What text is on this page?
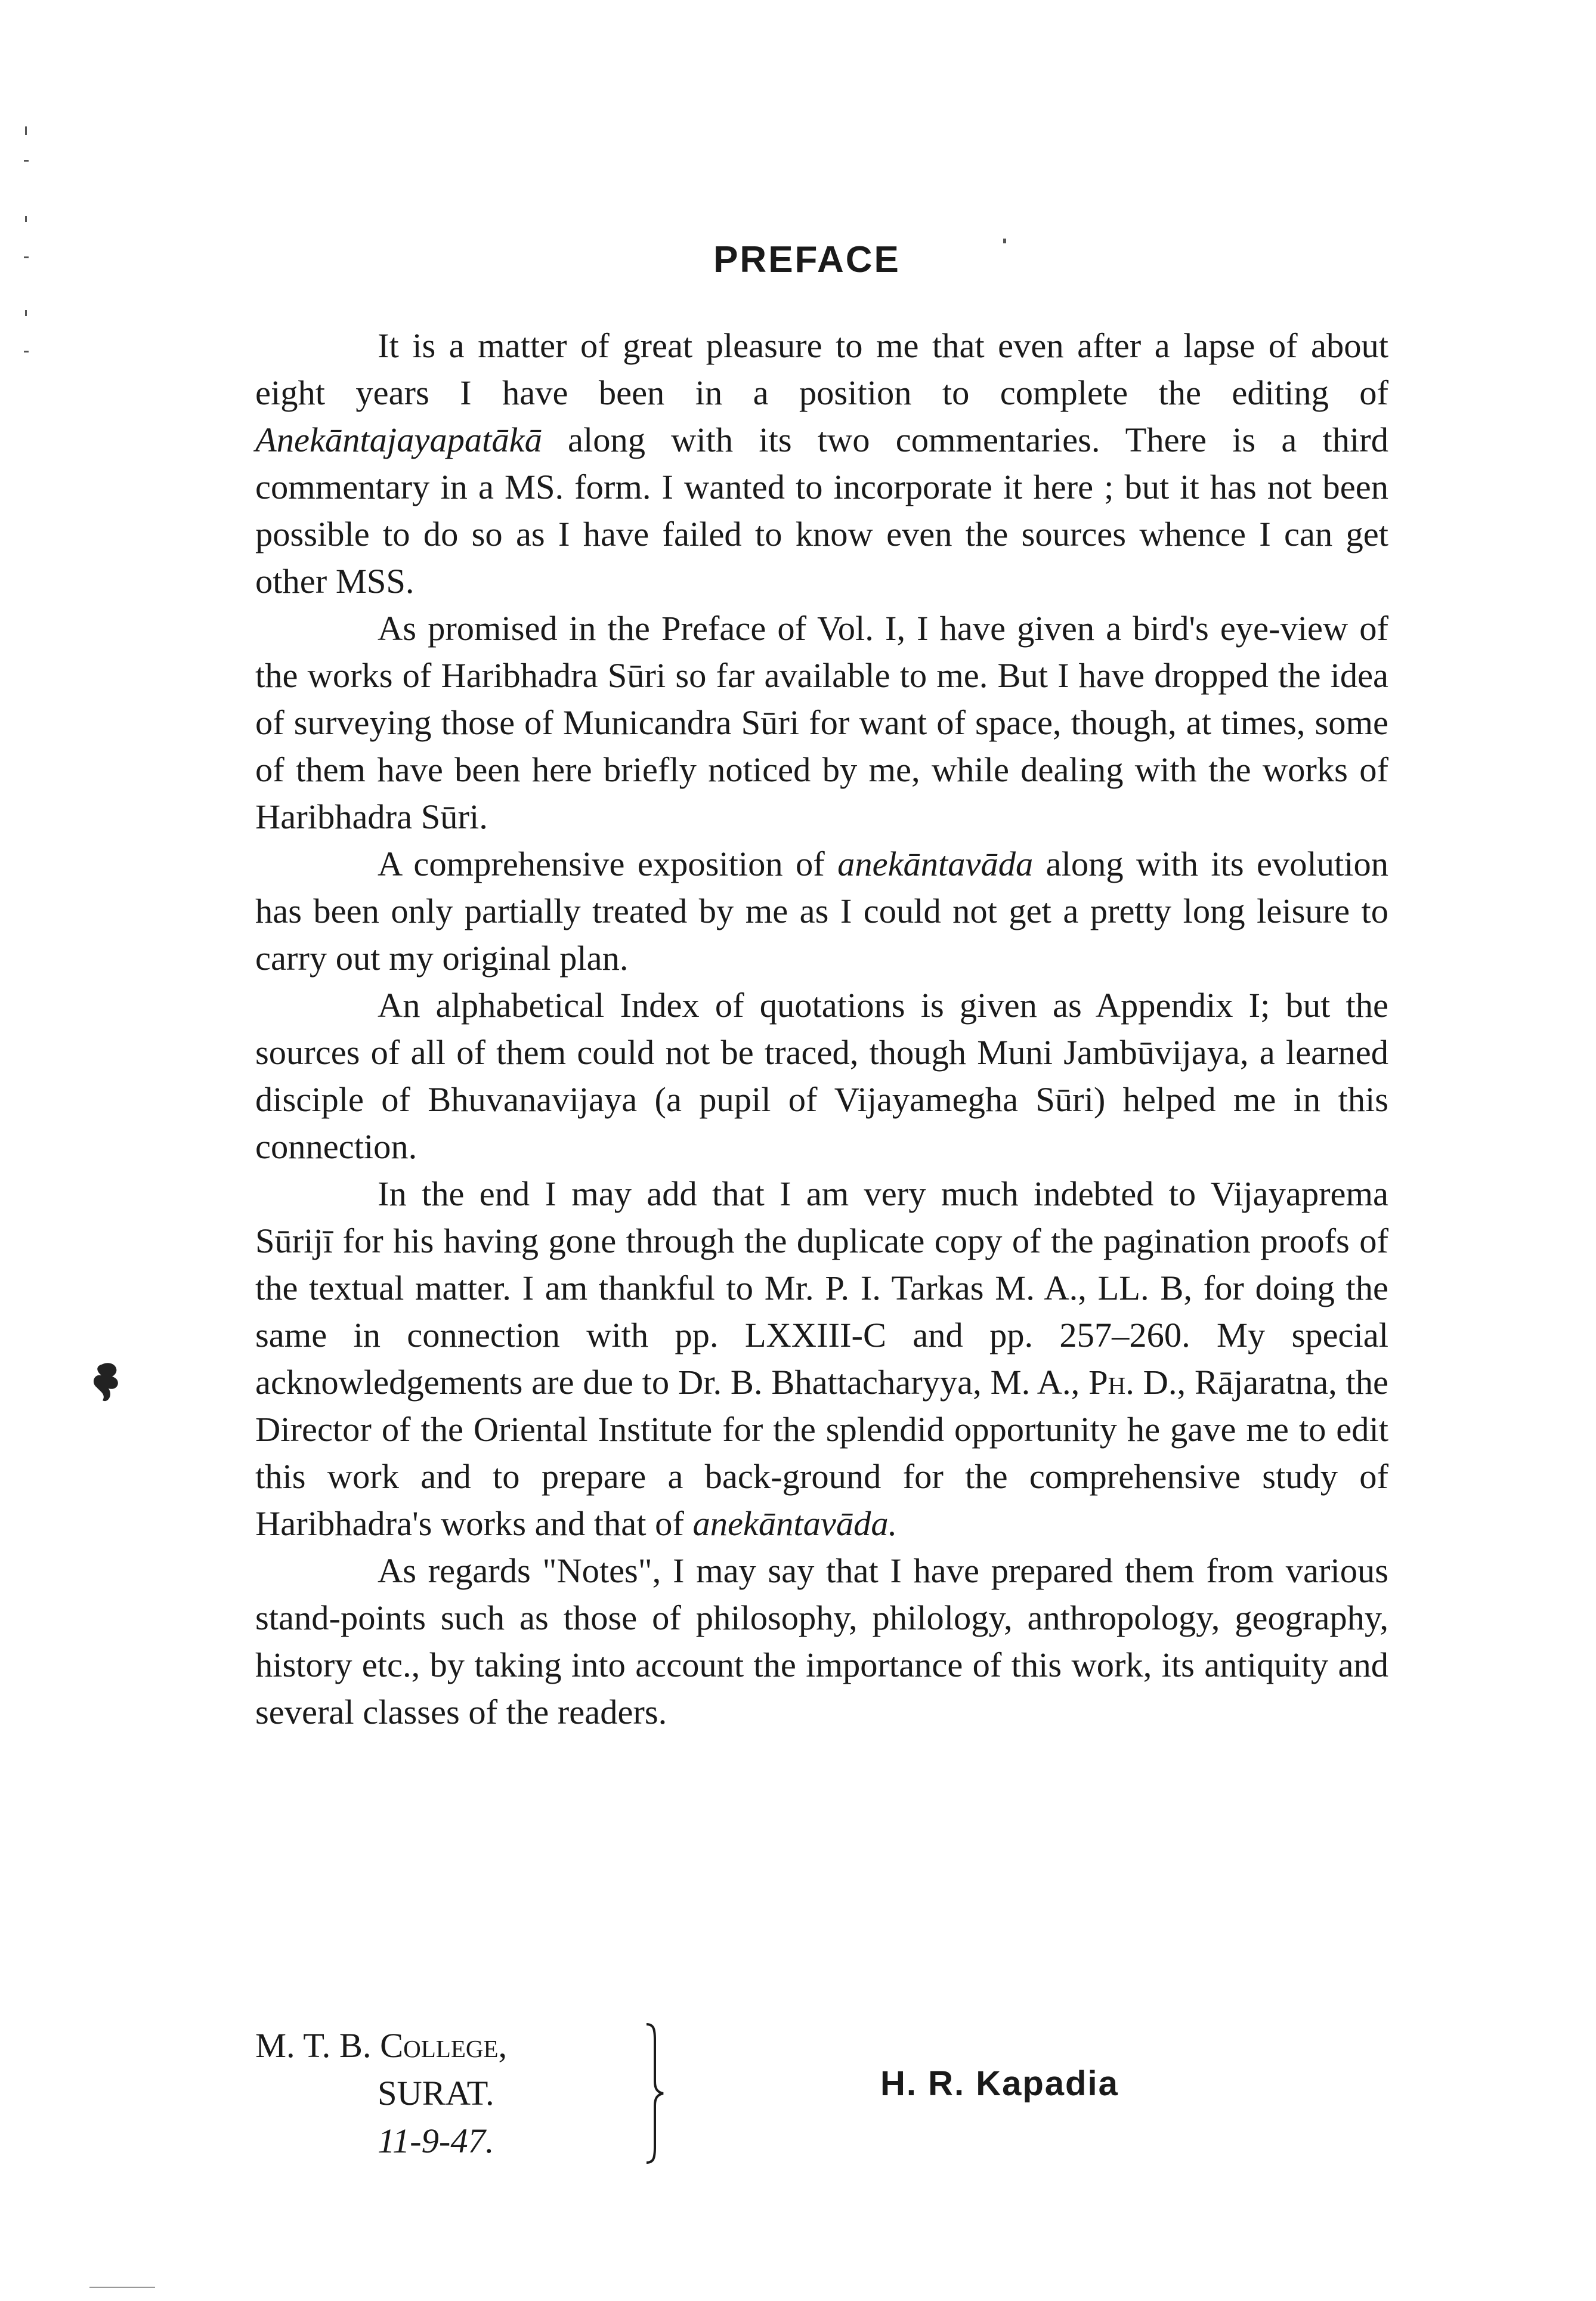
PREFACE

It is a matter of great pleasure to me that even after a lapse of about eight years I have been in a position to complete the editing of Anekāntajayapatākā along with its two commentaries. There is a third commentary in a MS. form. I wanted to incorporate it here ; but it has not been possible to do so as I have failed to know even the sources whence I can get other MSS.

As promised in the Preface of Vol. I, I have given a bird's eye-view of the works of Haribhadra Sūri so far available to me. But I have dropped the idea of surveying those of Municandra Sūri for want of space, though, at times, some of them have been here briefly noticed by me, while dealing with the works of Haribhadra Sūri.

A comprehensive exposition of anekāntavāda along with its evolution has been only partially treated by me as I could not get a pretty long leisure to carry out my original plan.

An alphabetical Index of quotations is given as Appendix I; but the sources of all of them could not be traced, though Muni Jambūvijaya, a learned disciple of Bhuvanavijaya (a pupil of Vijayamegha Sūri) helped me in this connection.

In the end I may add that I am very much indebted to Vijayaprema Sūrijī for his having gone through the duplicate copy of the pagination proofs of the textual matter. I am thankful to Mr. P. I. Tarkas M. A., LL. B, for doing the same in connection with pp. LXXIII-C and pp. 257–260. My special acknowledgements are due to Dr. B. Bhattacharyya, M. A., Ph. D., Rājaratna, the Director of the Oriental Institute for the splendid opportunity he gave me to edit this work and to prepare a back-ground for the comprehensive study of Haribhadra's works and that of anekāntavāda.

As regards "Notes", I may say that I have prepared them from various stand-points such as those of philosophy, philology, anthropology, geography, history etc., by taking into account the importance of this work, its antiquity and several classes of the readers.

M. T. B. College,
SURAT.
11-9-47.
H. R. Kapadia
